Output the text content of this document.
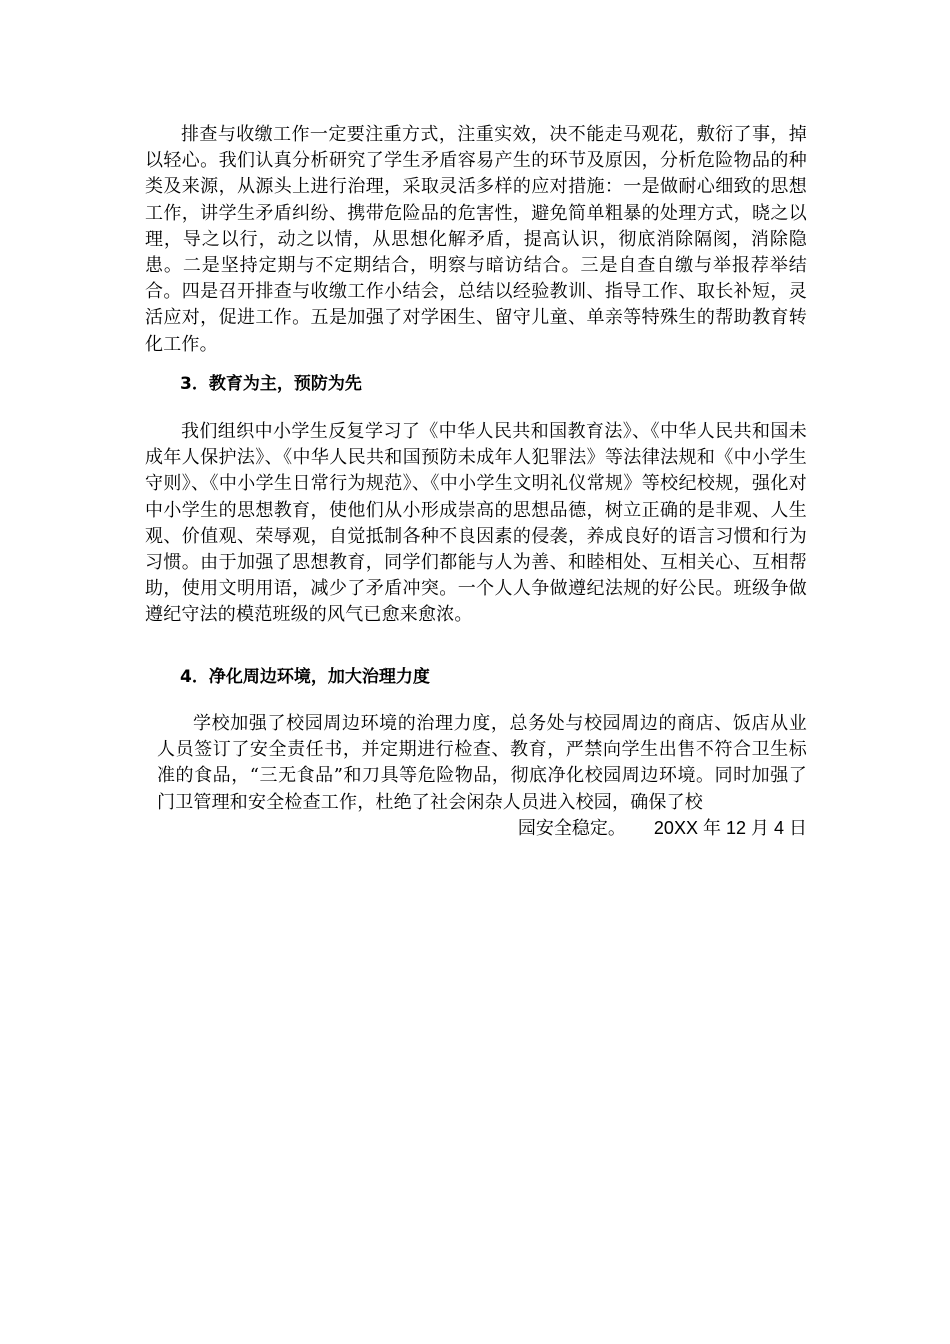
排查与收缴工作一定要注重方式，注重实效，决不能走马观花，敷衍了事，掉以轻心。我们认真分析研究了学生矛盾容易产生的环节及原因，分析危险物品的种类及来源，从源头上进行治理，采取灵活多样的应对措施：一是做耐心细致的思想工作，讲学生矛盾纠纷、携带危险品的危害性，避免简单粗暴的处理方式，晓之以理，导之以行，动之以情，从思想化解矛盾，提高认识，彻底消除隔阂，消除隐患。二是坚持定期与不定期结合，明察与暗访结合。三是自查自缴与举报荐举结合。四是召开排查与收缴工作小结会，总结以经验教训、指导工作、取长补短，灵活应对，促进工作。五是加强了对学困生、留守儿童、单亲等特殊生的帮助教育转化工作。

3．教育为主，预防为先

我们组织中小学生反复学习了《中华人民共和国教育法》、《中华人民共和国未成年人保护法》、《中华人民共和国预防未成年人犯罪法》等法律法规和《中小学生守则》、《中小学生日常行为规范》、《中小学生文明礼仪常规》等校纪校规，强化对中小学生的思想教育，使他们从小形成崇高的思想品德，树立正确的是非观、人生观、价值观、荣辱观，自觉抵制各种不良因素的侵袭，养成良好的语言习惯和行为习惯。由于加强了思想教育，同学们都能与人为善、和睦相处、互相关心、互相帮助，使用文明用语，减少了矛盾冲突。一个人人争做遵纪法规的好公民。班级争做遵纪守法的模范班级的风气已愈来愈浓。

4．净化周边环境，加大治理力度

学校加强了校园周边环境的治理力度，总务处与校园周边的商店、饭店从业人员签订了安全责任书，并定期进行检查、教育，严禁向学生出售不符合卫生标准的食品，“三无食品”和刀具等危险物品，彻底净化校园周边环境。同时加强了门卫管理和安全检查工作，杜绝了社会闲杂人员进入校园，确保了校

园安全稳定。 20XX 年 12 月 4 日
